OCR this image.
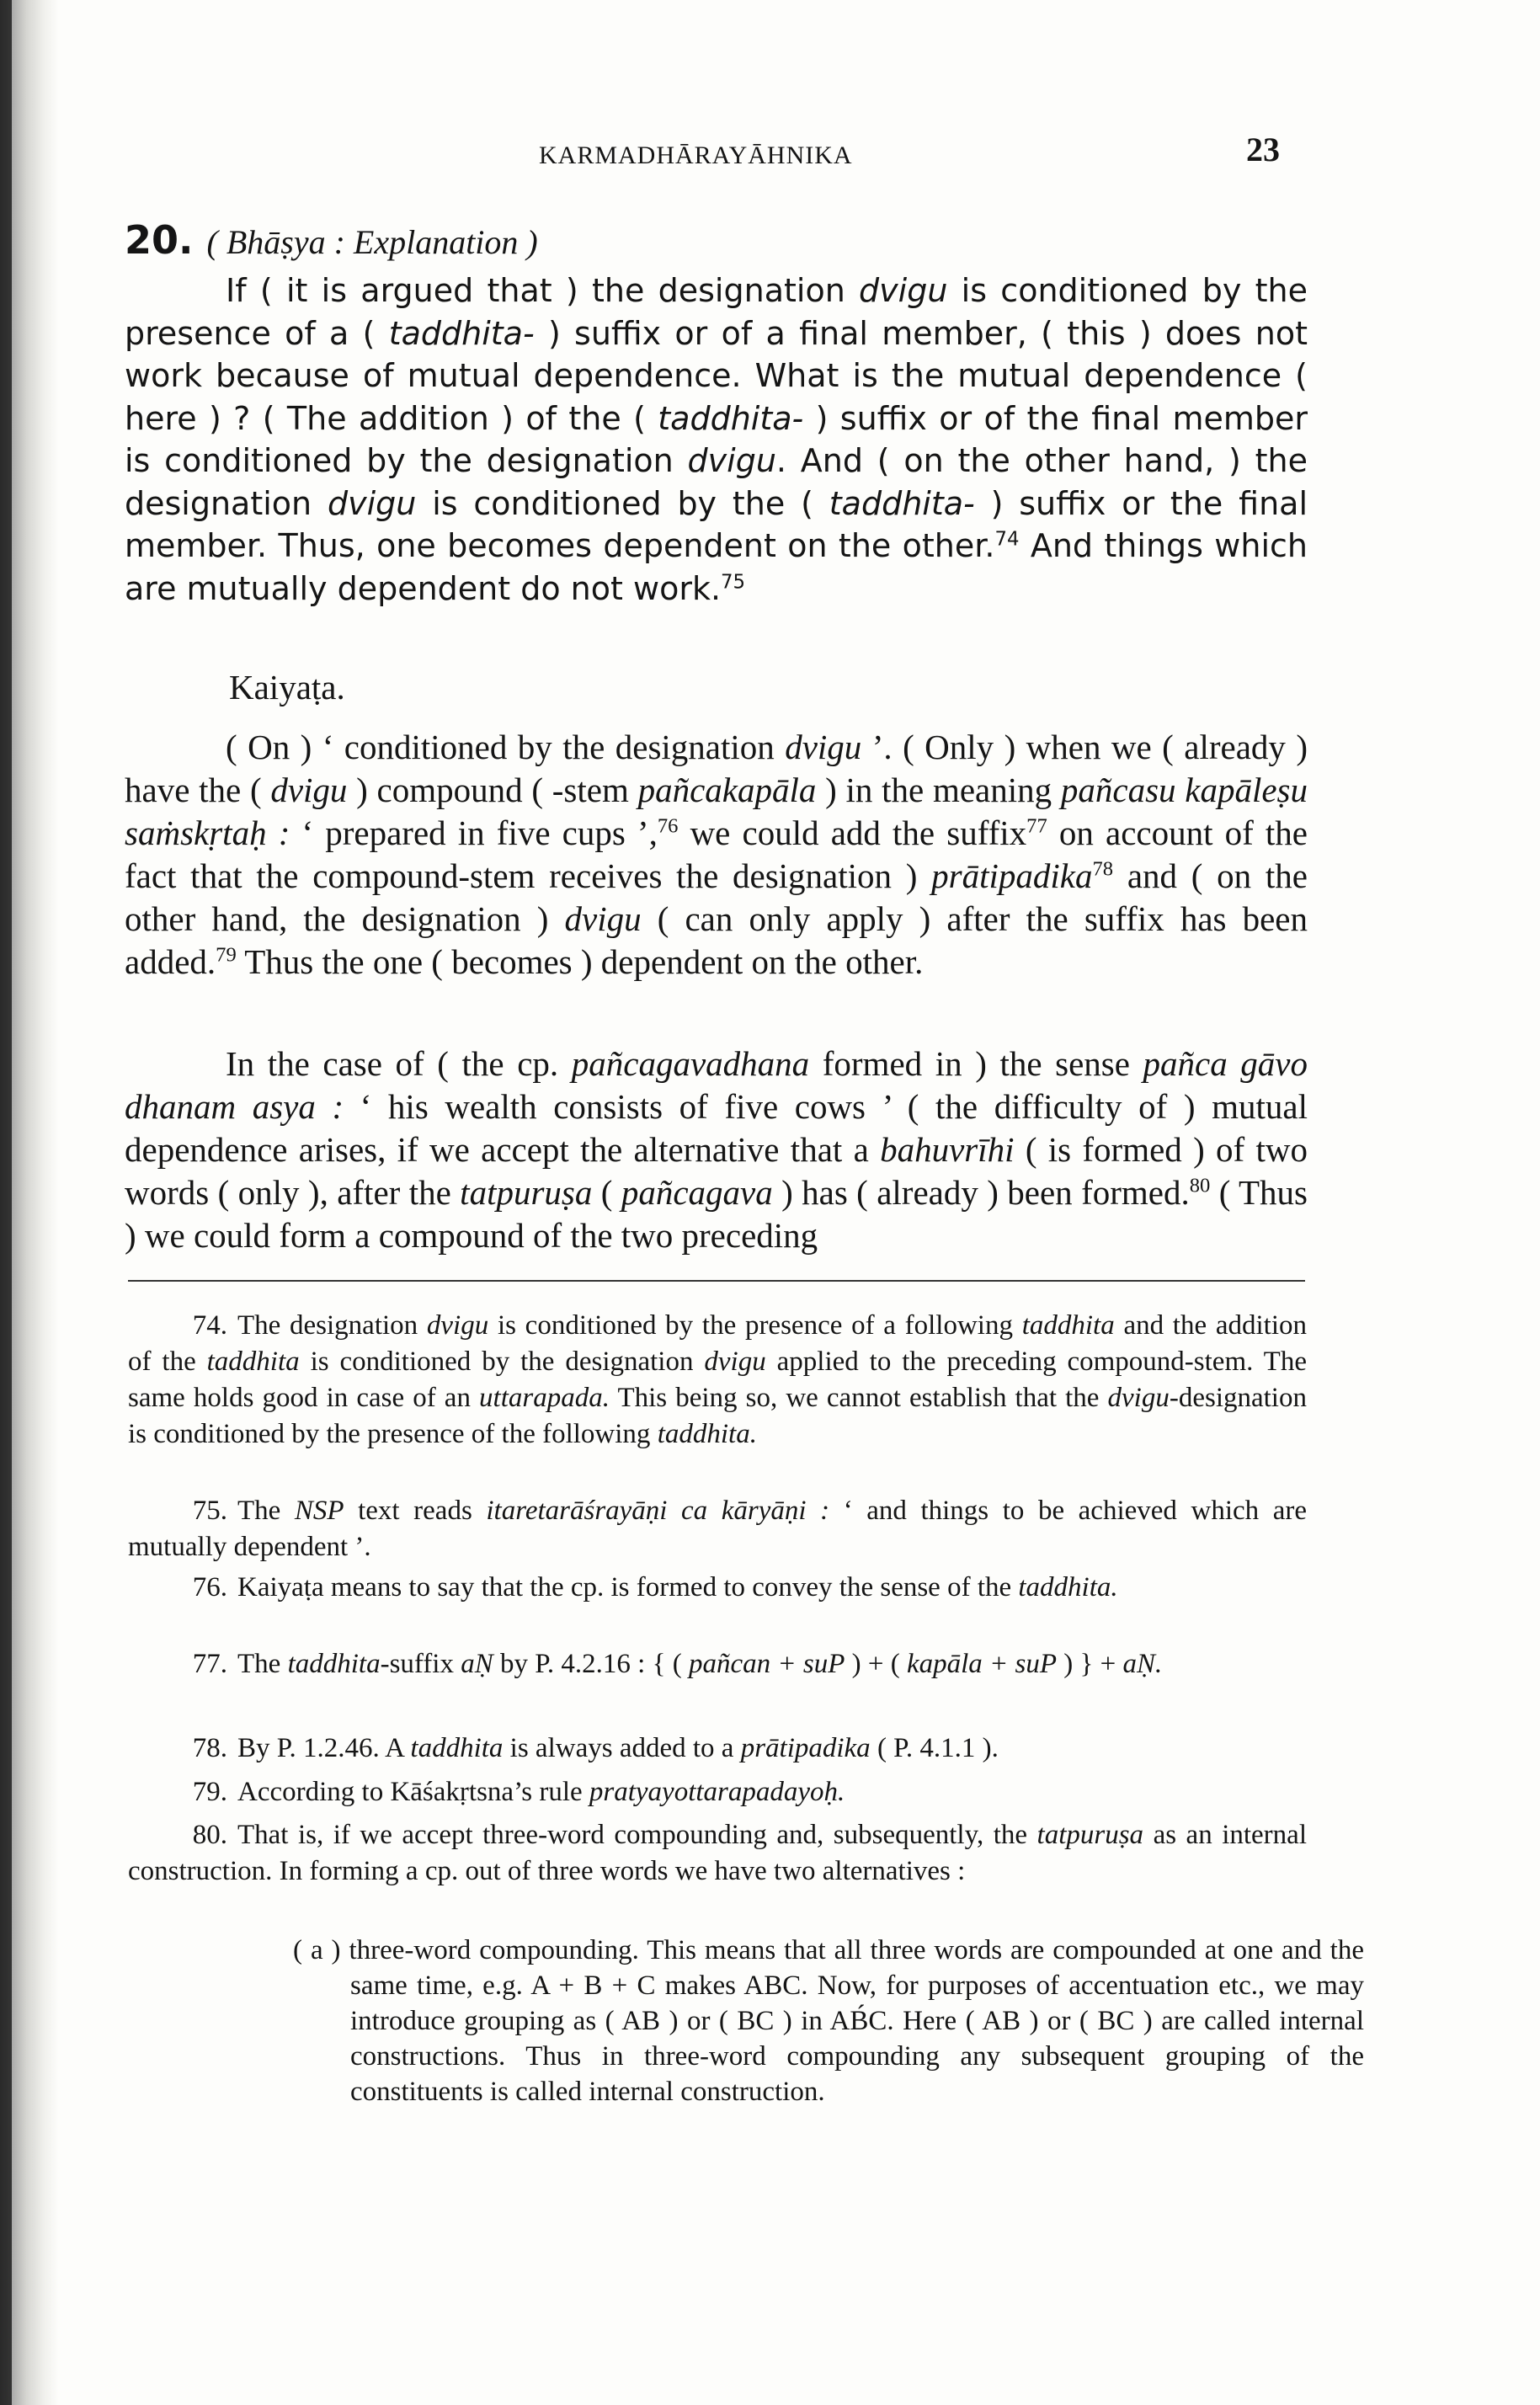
KARMADHĀRAYĀHNIKA	23
20. ( Bhāṣya : Explanation )

If ( it is argued that ) the designation dvigu is conditioned by the presence of a ( taddhita- ) suffix or of a final member, ( this ) does not work because of mutual dependence. What is the mutual dependence ( here ) ? ( The addition ) of the ( taddhita- ) suffix or of the final member is conditioned by the designation dvigu. And ( on the other hand, ) the designation dvigu is conditioned by the ( taddhita- ) suffix or the final member. Thus, one becomes dependent on the other.$^{74}$ And things which are mutually dependent do not work.$^{75}$

Kaiyaṭa.

( On ) ‘ conditioned by the designation dvigu ’. ( Only ) when we ( already ) have the ( dvigu ) compound ( -stem pañcakapāla ) in the meaning pañcasu kapāleṣu saṁskṛtaḥ : ‘ prepared in five cups ’,$^{76}$ we could add the suffix$^{77}$ on account of the fact that the compound-stem receives the designation ) prātipadika$^{78}$ and ( on the other hand, the designation ) dvigu ( can only apply ) after the suffix has been added.$^{79}$ Thus the one ( becomes ) dependent on the other.

In the case of ( the cp. pañcagavadhana formed in ) the sense pañca gāvo dhanam asya : ‘ his wealth consists of five cows ’ ( the difficulty of ) mutual dependence arises, if we accept the alternative that a bahuvrīhi ( is formed ) of two words ( only ), after the tatpuruṣa ( pañcagava ) has ( already ) been formed.$^{80}$ ( Thus ) we could form a compound of the two preceding

74. The designation dvigu is conditioned by the presence of a following taddhita and the addition of the taddhita is conditioned by the designation dvigu applied to the preceding compound-stem. The same holds good in case of an uttarapada. This being so, we cannot establish that the dvigu-designation is conditioned by the presence of the following taddhita.

75. The NSP text reads itaretarāśrayāṇi ca kāryāṇi : ‘ and things to be achieved which are mutually dependent ’.

76. Kaiyaṭa means to say that the cp. is formed to convey the sense of the taddhita.

77. The taddhita-suffix aṆ by P. 4.2.16 : { ( pañcan + suP ) + ( kapāla + suP ) } + aṆ.

78. By P. 1.2.46. A taddhita is always added to a prātipadika ( P. 4.1.1 ).

79. According to Kāśakṛtsna’s rule pratyayottarapadayoḥ.

80. That is, if we accept three-word compounding and, subsequently, the tatpuruṣa as an internal construction. In forming a cp. out of three words we have two alternatives :

( a ) three-word compounding. This means that all three words are compounded at one and the same time, e.g. A + B + C makes ABC. Now, for purposes of accentuation etc., we may introduce grouping as ( AB ) or ( BC ) in AB́C. Here ( AB ) or ( BC ) are called internal constructions. Thus in three-word compounding any subsequent grouping of the constituents is called internal construction.
